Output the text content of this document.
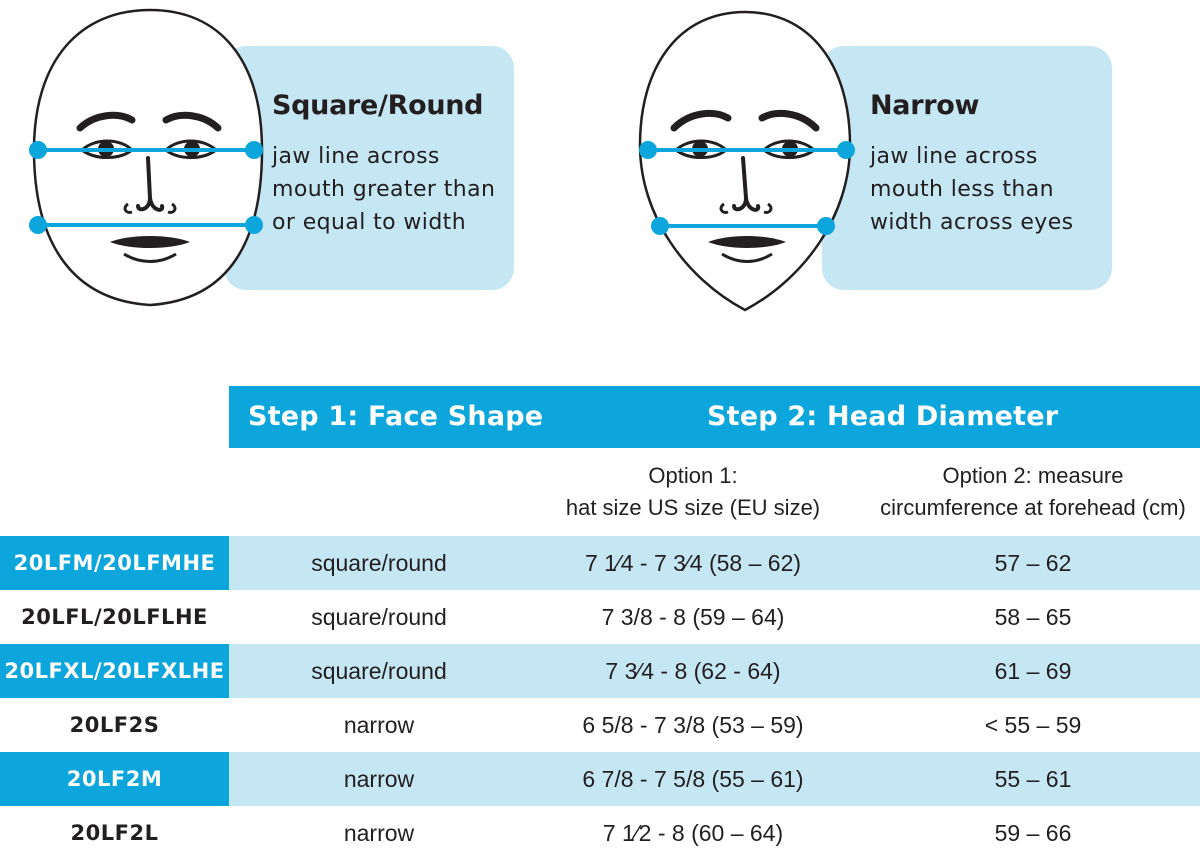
Square/Round
jaw line across
mouth greater than
or equal to width
Narrow
jaw line across
mouth less than
width across eyes
Step 1: Face Shape	Step 2: Head Diameter
Option 1:
hat size US size (EU size)
Option 2: measure
circumference at forehead (cm)
20LFM/20LFMHE	square/round	7 1⁄4 - 7 3⁄4 (58 – 62)	57 – 62
20LFL/20LFLHE	square/round	7 3/8 - 8 (59 – 64)	58 – 65
20LFXL/20LFXLHE	square/round	7 3⁄4 - 8 (62 - 64)	61 – 69
20LF2S	narrow	6 5/8 - 7 3/8 (53 – 59)	< 55 – 59
20LF2M	narrow	6 7/8 - 7 5/8 (55 – 61)	55 – 61
20LF2L	narrow	7 1⁄2 - 8 (60 – 64)	59 – 66
